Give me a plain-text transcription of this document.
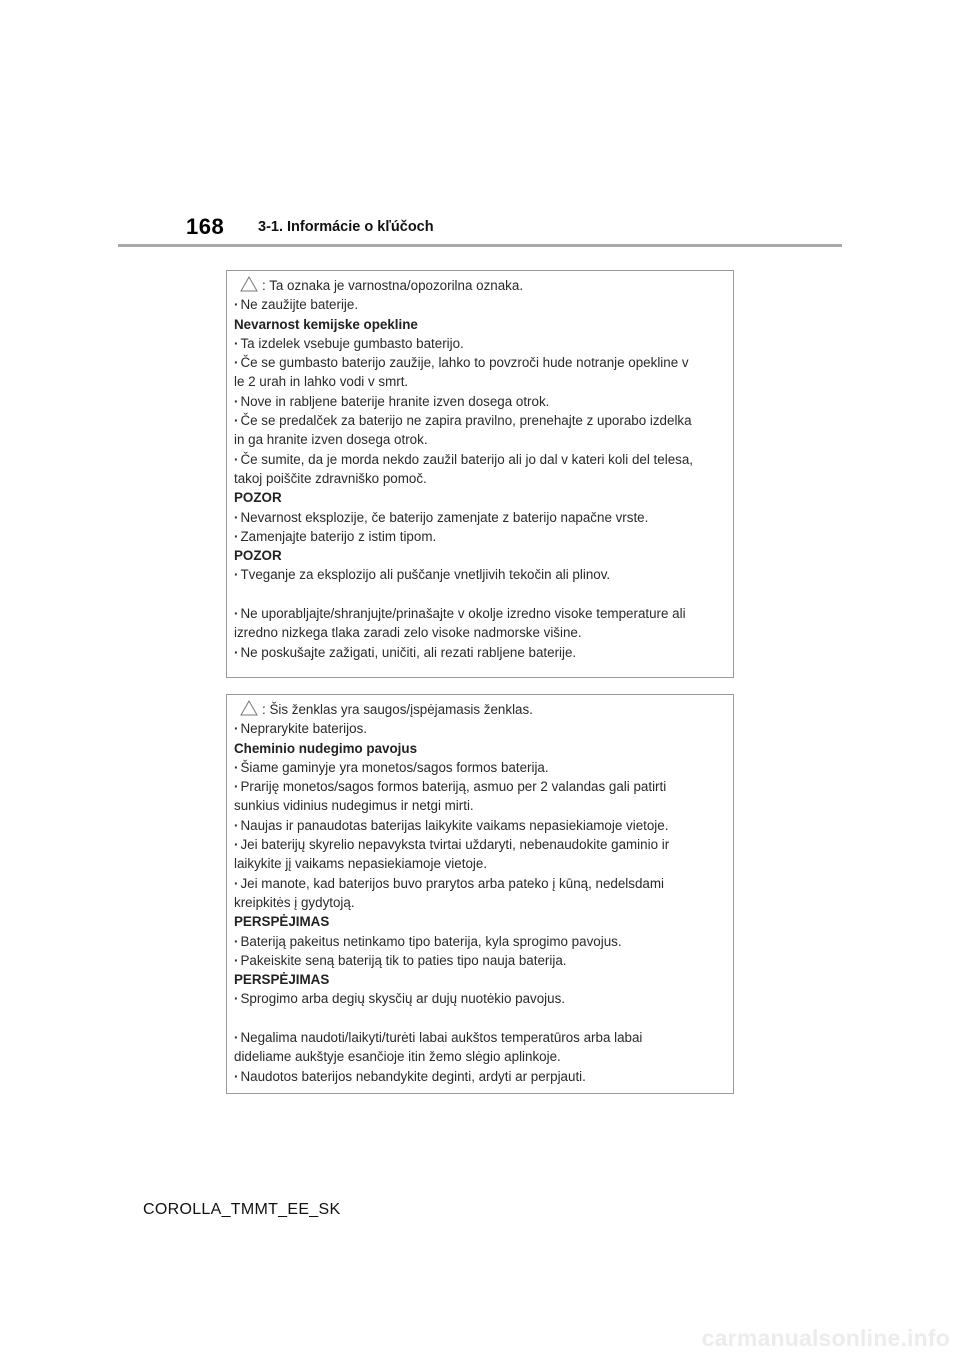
168 3-1. Informácie o kľúčoch
: Ta oznaka je varnostna/opozorilna oznaka.
· Ne zaužijte baterije.
Nevarnost kemijske opekline
· Ta izdelek vsebuje gumbasto baterijo.
· Če se gumbasto baterijo zaužije, lahko to povzroči hude notranje opekline v
le 2 urah in lahko vodi v smrt.
· Nove in rabljene baterije hranite izven dosega otrok.
· Če se predalček za baterijo ne zapira pravilno, prenehajte z uporabo izdelka
in ga hranite izven dosega otrok.
· Če sumite, da je morda nekdo zaužil baterijo ali jo dal v kateri koli del telesa,
takoj poiščite zdravniško pomoč.
POZOR
· Nevarnost eksplozije, če baterijo zamenjate z baterijo napačne vrste.
· Zamenjajte baterijo z istim tipom.
POZOR
· Tveganje za eksplozijo ali puščanje vnetljivih tekočin ali plinov.
· Ne uporabljajte/shranjujte/prinašajte v okolje izredno visoke temperature ali
izredno nizkega tlaka zaradi zelo visoke nadmorske višine.
· Ne poskušajte zažigati, uničiti, ali rezati rabljene baterije.
: Šis ženklas yra saugos/įspėjamasis ženklas.
· Neprarykite baterijos.
Cheminio nudegimo pavojus
· Šiame gaminyje yra monetos/sagos formos baterija.
· Prariję monetos/sagos formos bateriją, asmuo per 2 valandas gali patirti
sunkius vidinius nudegimus ir netgi mirti.
· Naujas ir panaudotas baterijas laikykite vaikams nepasiekiamoje vietoje.
· Jei baterijų skyrelio nepavyksta tvirtai uždaryti, nebenaudokite gaminio ir
laikykite jį vaikams nepasiekiamoje vietoje.
· Jei manote, kad baterijos buvo prarytos arba pateko į kūną, nedelsdami
kreipkitės į gydytoją.
PERSPĖJIMAS
· Bateriją pakeitus netinkamo tipo baterija, kyla sprogimo pavojus.
· Pakeiskite seną bateriją tik to paties tipo nauja baterija.
PERSPĖJIMAS
· Sprogimo arba degių skysčių ar dujų nuotėkio pavojus.
· Negalima naudoti/laikyti/turėti labai aukštos temperatūros arba labai
dideliame aukštyje esančioje itin žemo slėgio aplinkoje.
· Naudotos baterijos nebandykite deginti, ardyti ar perpjauti.
COROLLA_TMMT_EE_SK
carmanualsonline.info
